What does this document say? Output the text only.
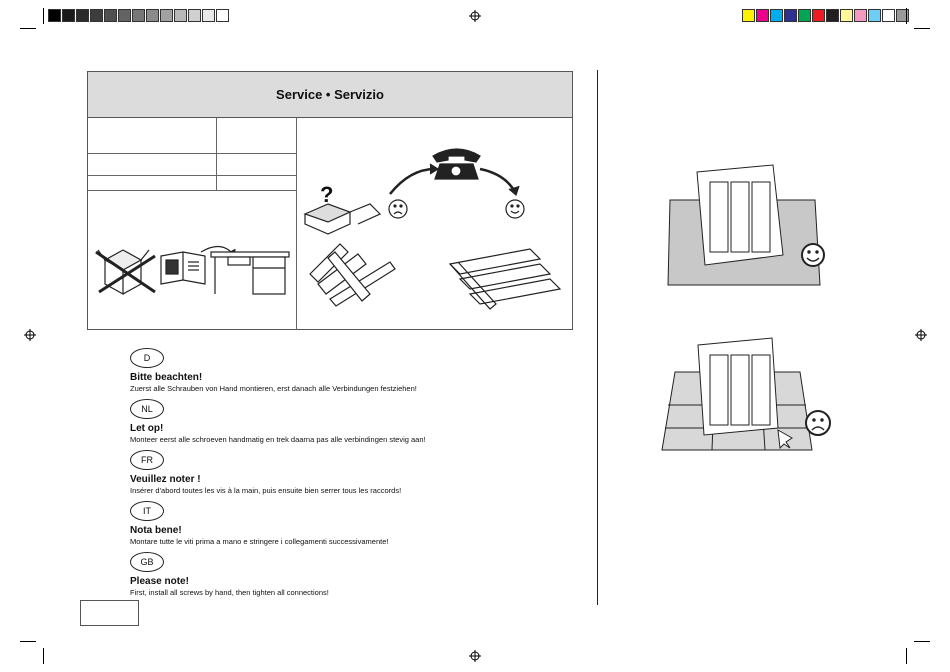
Service • Servizio
?
D
Bitte beachten!
Zuerst alle Schrauben von Hand montieren, erst danach alle Verbindungen festziehen!
NL
Let op!
Monteer eerst alle schroeven handmatig en trek daarna pas alle verbindingen stevig aan!
FR
Veuillez noter !
Insérer d'abord toutes les vis à la main, puis ensuite bien serrer tous les raccords!
IT
Nota bene!
Montare tutte le viti prima a mano e stringere i collegamenti successivamente!
GB
Please note!
First, install all screws by hand, then tighten all connections!
